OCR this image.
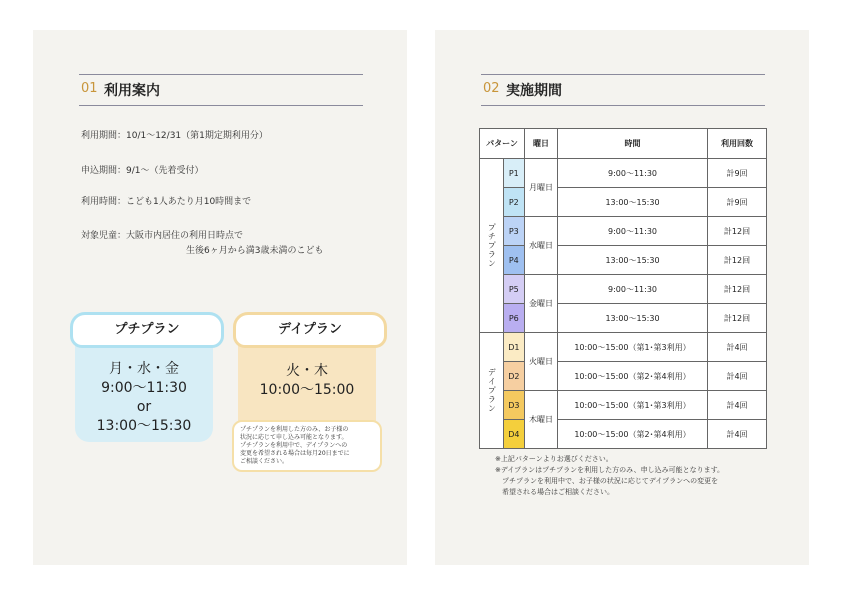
01 利用案内
利用期間：10/1〜12/31（第1期定期利用分）
申込期間：9/1〜（先着受付）
利用時間：こども1人あたり月10時間まで
対象児童：大阪市内居住の利用日時点で
生後6ヶ月から満3歳未満のこども
プチプラン
月・水・金
9:00〜11:30
or
13:00〜15:30
デイプラン
火・木
10:00〜15:00
プチプランを利用した方のみ、お子様の
状況に応じて申し込み可能となります。
プチプランを利用中で、デイプランへの
変更を希望される場合は毎月20日までに
ご相談ください。
02 実施期間
パターン		曜日	時間	利用回数
プチプラン	P1	月曜日	9:00〜11:30	計9回
	P2		13:00〜15:30	計9回
	P3	水曜日	9:00〜11:30	計12回
	P4		13:00〜15:30	計12回
	P5	金曜日	9:00〜11:30	計12回
	P6		13:00〜15:30	計12回
デイプラン	D1	火曜日	10:00〜15:00（第1･第3利用）	計4回
	D2		10:00〜15:00（第2･第4利用）	計4回
	D3	木曜日	10:00〜15:00（第1･第3利用）	計4回
	D4		10:00〜15:00（第2･第4利用）	計4回
※上記パターンよりお選びください。
※デイプランはプチプランを利用した方のみ、申し込み可能となります。
　プチプランを利用中で、お子様の状況に応じてデイプランへの変更を
　希望される場合はご相談ください。
